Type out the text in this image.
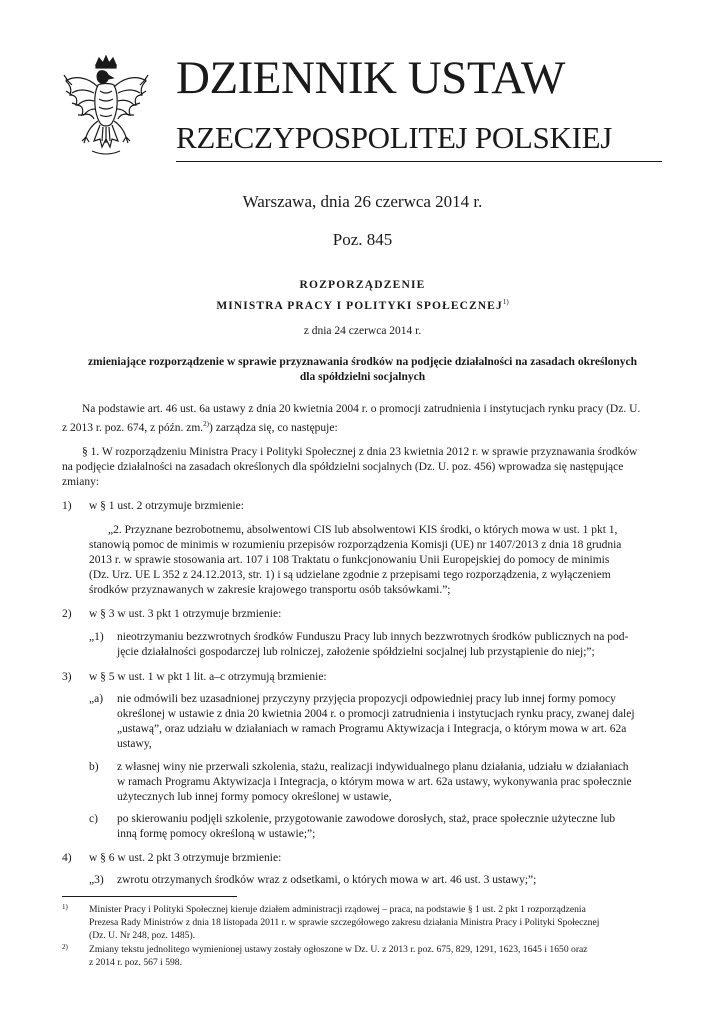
DZIENNIK USTAW
RZECZYPOSPOLITEJ POLSKIEJ
Warszawa, dnia 26 czerwca 2014 r.
Poz. 845
ROZPORZĄDZENIE
MINISTRA PRACY I POLITYKI SPOŁECZNEJ$^{1)}$
z dnia 24 czerwca 2014 r.
zmieniające rozporządzenie w sprawie przyznawania środków na podjęcie działalności na zasadach określonych
dla spółdzielni socjalnych
Na podstawie art. 46 ust. 6a ustawy z dnia 20 kwietnia 2004 r. o promocji zatrudnienia i instytucjach rynku pracy (Dz. U.
z 2013 r. poz. 674, z późn. zm.$^{2)}$) zarządza się, co następuje:
§ 1. W rozporządzeniu Ministra Pracy i Polityki Społecznej z dnia 23 kwietnia 2012 r. w sprawie przyznawania środków
na podjęcie działalności na zasadach określonych dla spółdzielni socjalnych (Dz. U. poz. 456) wprowadza się następujące
zmiany:
1) w § 1 ust. 2 otrzymuje brzmienie:
„2. Przyznane bezrobotnemu, absolwentowi CIS lub absolwentowi KIS środki, o których mowa w ust. 1 pkt 1,
stanowią pomoc de minimis w rozumieniu przepisów rozporządzenia Komisji (UE) nr 1407/2013 z dnia 18 grudnia
2013 r. w sprawie stosowania art. 107 i 108 Traktatu o funkcjonowaniu Unii Europejskiej do pomocy de minimis
(Dz. Urz. UE L 352 z 24.12.2013, str. 1) i są udzielane zgodnie z przepisami tego rozporządzenia, z wyłączeniem
środków przyznawanych w zakresie krajowego transportu osób taksówkami.”;
2) w § 3 w ust. 3 pkt 1 otrzymuje brzmienie:
„1) nieotrzymaniu bezzwrotnych środków Funduszu Pracy lub innych bezzwrotnych środków publicznych na pod-
jęcie działalności gospodarczej lub rolniczej, założenie spółdzielni socjalnej lub przystąpienie do niej;”;
3) w § 5 w ust. 1 w pkt 1 lit. a–c otrzymują brzmienie:
„a) nie odmówili bez uzasadnionej przyczyny przyjęcia propozycji odpowiedniej pracy lub innej formy pomocy
określonej w ustawie z dnia 20 kwietnia 2004 r. o promocji zatrudnienia i instytucjach rynku pracy, zwanej dalej
„ustawą”, oraz udziału w działaniach w ramach Programu Aktywizacja i Integracja, o którym mowa w art. 62a
ustawy,
b) z własnej winy nie przerwali szkolenia, stażu, realizacji indywidualnego planu działania, udziału w działaniach
w ramach Programu Aktywizacja i Integracja, o którym mowa w art. 62a ustawy, wykonywania prac społecznie
użytecznych lub innej formy pomocy określonej w ustawie,
c) po skierowaniu podjęli szkolenie, przygotowanie zawodowe dorosłych, staż, prace społecznie użyteczne lub
inną formę pomocy określoną w ustawie;”;
4) w § 6 w ust. 2 pkt 3 otrzymuje brzmienie:
„3) zwrotu otrzymanych środków wraz z odsetkami, o których mowa w art. 46 ust. 3 ustawy;”;
1) Minister Pracy i Polityki Społecznej kieruje działem administracji rządowej – praca, na podstawie § 1 ust. 2 pkt 1 rozporządzenia
Prezesa Rady Ministrów z dnia 18 listopada 2011 r. w sprawie szczegółowego zakresu działania Ministra Pracy i Polityki Społecznej
(Dz. U. Nr 248, poz. 1485).
2) Zmiany tekstu jednolitego wymienionej ustawy zostały ogłoszone w Dz. U. z 2013 r. poz. 675, 829, 1291, 1623, 1645 i 1650 oraz
z 2014 r. poz. 567 i 598.
